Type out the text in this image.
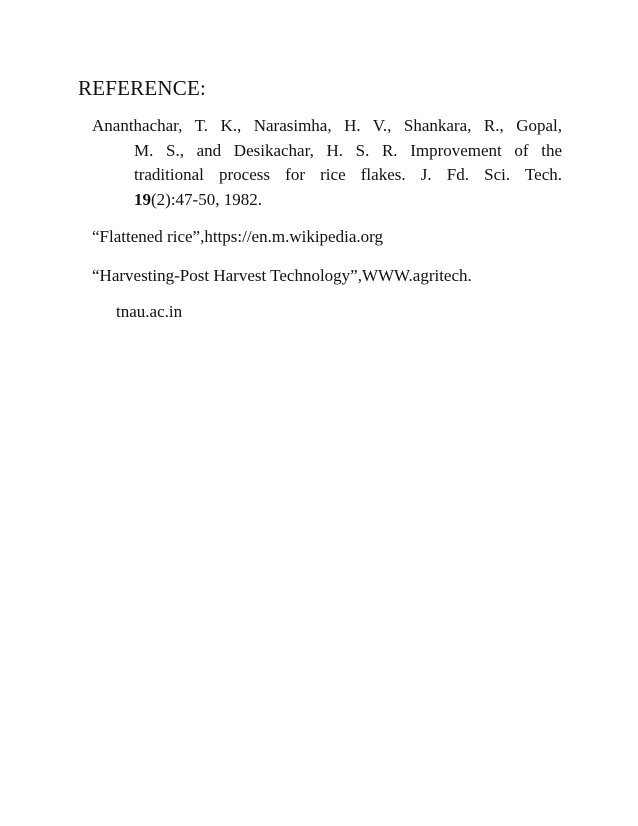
REFERENCE:
Ananthachar, T. K., Narasimha, H. V., Shankara, R., Gopal,
M. S., and Desikachar, H. S. R. Improvement of the
traditional process for rice flakes. J. Fd. Sci. Tech.
19(2):47-50, 1982.
“Flattened rice”,https://en.m.wikipedia.org
“Harvesting-Post Harvest Technology”,WWW.agritech.
tnau.ac.in
